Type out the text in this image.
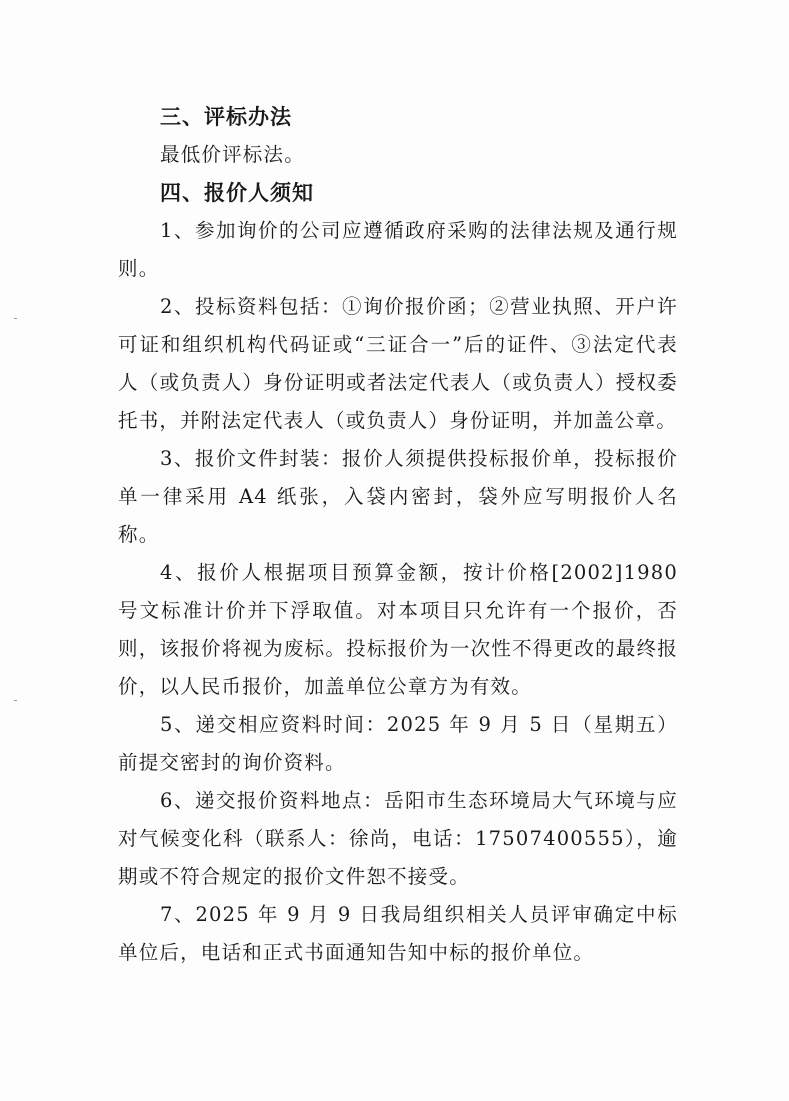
三、评标办法

最低价评标法。

四、报价人须知

1、参加询价的公司应遵循政府采购的法律法规及通行规则。

2、投标资料包括：①询价报价函；②营业执照、开户许可证和组织机构代码证或“三证合一”后的证件、③法定代表人（或负责人）身份证明或者法定代表人（或负责人）授权委托书，并附法定代表人（或负责人）身份证明，并加盖公章。

3、报价文件封装：报价人须提供投标报价单，投标报价单一律采用 A4 纸张，入袋内密封，袋外应写明报价人名称。

4、报价人根据项目预算金额，按计价格[2002]1980 号文标准计价并下浮取值。对本项目只允许有一个报价，否则，该报价将视为废标。投标报价为一次性不得更改的最终报价，以人民币报价，加盖单位公章方为有效。

5、递交相应资料时间：2025 年 9 月 5 日（星期五）前提交密封的询价资料。

6、递交报价资料地点：岳阳市生态环境局大气环境与应对气候变化科（联系人：徐尚，电话：17507400555），逾期或不符合规定的报价文件恕不接受。

7、2025 年 9 月 9 日我局组织相关人员评审确定中标单位后，电话和正式书面通知告知中标的报价单位。
